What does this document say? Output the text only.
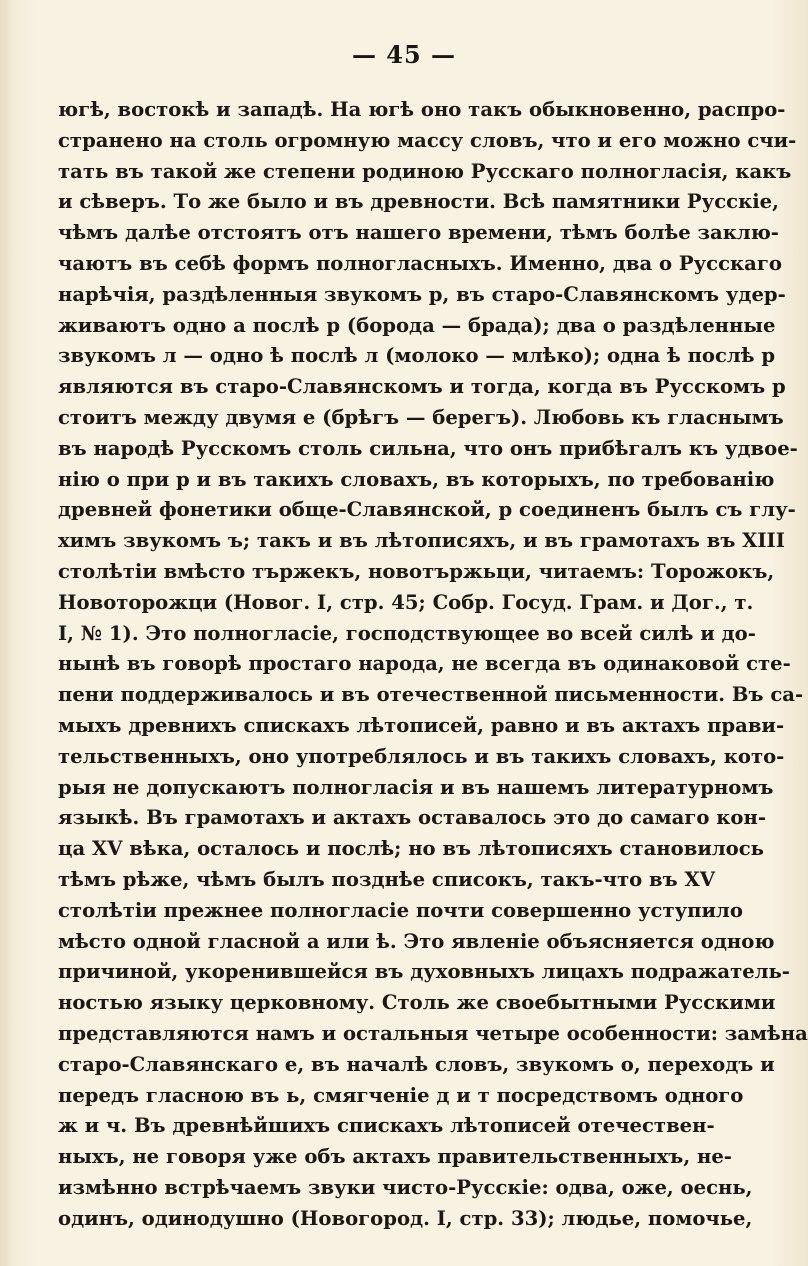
— 45 —
югѣ, востокѣ и западѣ. На югѣ оно такъ обыкновенно, распро-
странено на столь огромную массу словъ, что и его можно счи-
тать въ такой же степени родиною Русскаго полногласія, какъ
и сѣверъ. То же было и въ древности. Всѣ памятники Русскіе,
чѣмъ далѣе отстоятъ отъ нашего времени, тѣмъ болѣе заклю-
чаютъ въ себѣ формъ полногласныхъ. Именно, два о Русскаго
нарѣчія, раздѣленныя звукомъ р, въ старо-Славянскомъ удер-
живаютъ одно а послѣ р (борода — брада); два о раздѣленные
звукомъ л — одно ѣ послѣ л (молоко — млѣко); одна ѣ послѣ р
являются въ старо-Славянскомъ и тогда, когда въ Русскомъ р
стоитъ между двумя е (брѣгъ — берегъ). Любовь къ гласнымъ
въ народѣ Русскомъ столь сильна, что онъ прибѣгалъ къ удвое-
нію о при р и въ такихъ словахъ, въ которыхъ, по требованію
древней фонетики обще-Славянской, р соединенъ былъ съ глу-
химъ звукомъ ъ; такъ и въ лѣтописяхъ, и въ грамотахъ въ XIII
столѣтіи вмѣсто тържекъ, новотържьци, читаемъ: Торожокъ,
Новоторожци (Новог. I, стр. 45; Собр. Госуд. Грам. и Дог., т.
I, № 1). Это полногласіе, господствующее во всей силѣ и до-
нынѣ въ говорѣ простаго народа, не всегда въ одинаковой сте-
пени поддерживалось и въ отечественной письменности. Въ са-
мыхъ древнихъ спискахъ лѣтописей, равно и въ актахъ прави-
тельственныхъ, оно употреблялось и въ такихъ словахъ, кото-
рыя не допускаютъ полногласія и въ нашемъ литературномъ
языкѣ. Въ грамотахъ и актахъ оставалось это до самаго кон-
ца XV вѣка, осталось и послѣ; но въ лѣтописяхъ становилось
тѣмъ рѣже, чѣмъ былъ позднѣе списокъ, такъ-что въ XV
столѣтіи прежнее полногласіе почти совершенно уступило
мѣсто одной гласной а или ѣ. Это явленіе объясняется одною
причиной, укоренившейся въ духовныхъ лицахъ подражатель-
ностью языку церковному. Столь же своебытными Русскими
представляются намъ и остальныя четыре особенности: замѣна
старо-Славянскаго е, въ началѣ словъ, звукомъ о, переходъ и
передъ гласною въ ь, смягченіе д и т посредствомъ одного
ж и ч. Въ древнѣйшихъ спискахъ лѣтописей отечествен-
ныхъ, не говоря уже объ актахъ правительственныхъ, не-
измѣнно встрѣчаемъ звуки чисто-Русскіе: одва, оже, оеснь,
одинъ, одинодушно (Новогород. I, стр. 33); людье, помочье,
